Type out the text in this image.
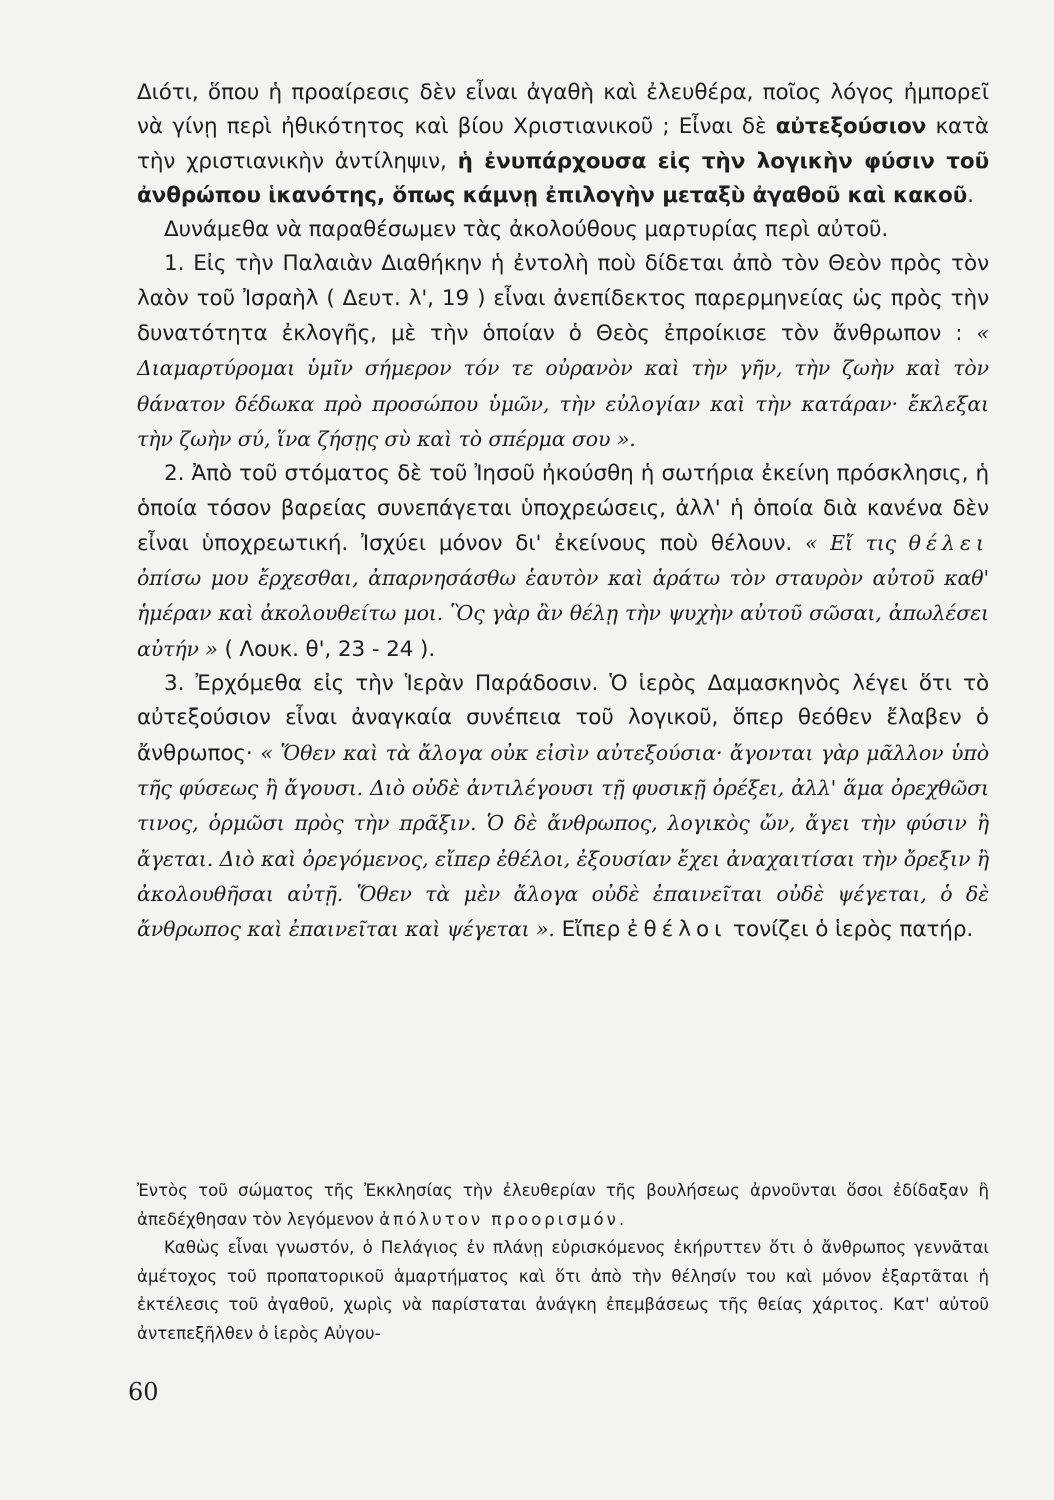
Διότι, ὅπου ἡ προαίρεσις δὲν εἶναι ἀγαθὴ καὶ ἐλευθέρα, ποῖος λόγος ἠμπορεῖ νὰ γίνῃ περὶ ἠθικότητος καὶ βίου Χριστιανικοῦ ; Εἶναι δὲ αὐτεξούσιον κατὰ τὴν χριστιανικὴν ἀντίληψιν, ἡ ἐνυπάρχουσα εἰς τὴν λογικὴν φύσιν τοῦ ἀνθρώπου ἱκανότης, ὅπως κάμνῃ ἐπιλογὴν μεταξὺ ἀγαθοῦ καὶ κακοῦ.

Δυνάμεθα νὰ παραθέσωμεν τὰς ἀκολούθους μαρτυρίας περὶ αὐτοῦ.

1. Εἰς τὴν Παλαιὰν Διαθήκην ἡ ἐντολὴ ποὺ δίδεται ἀπὸ τὸν Θεὸν πρὸς τὸν λαὸν τοῦ Ἰσραὴλ ( Δευτ. λ', 19 ) εἶναι ἀνεπίδεκτος παρερμηνείας ὡς πρὸς τὴν δυνατότητα ἐκλογῆς, μὲ τὴν ὁποίαν ὁ Θεὸς ἐπροίκισε τὸν ἄνθρωπον : « Διαμαρτύρομαι ὑμῖν σήμερον τόν τε οὐρανὸν καὶ τὴν γῆν, τὴν ζωὴν καὶ τὸν θάνατον δέδωκα πρὸ προσώπου ὑμῶν, τὴν εὐλογίαν καὶ τὴν κατάραν· ἔκλεξαι τὴν ζωὴν σύ, ἵνα ζήσῃς σὺ καὶ τὸ σπέρμα σου ».

2. Ἀπὸ τοῦ στόματος δὲ τοῦ Ἰησοῦ ἠκούσθη ἡ σωτήρια ἐκείνη πρόσκλησις, ἡ ὁποία τόσον βαρείας συνεπάγεται ὑποχρεώσεις, ἀλλ' ἡ ὁποία διὰ κανένα δὲν εἶναι ὑποχρεωτική. Ἰσχύει μόνον δι' ἐκείνους ποὺ θέλουν. « Εἴ τις θέλει ὀπίσω μου ἔρχεσθαι, ἀπαρνησάσθω ἑαυτὸν καὶ ἀράτω τὸν σταυρὸν αὐτοῦ καθ' ἡμέραν καὶ ἀκολουθείτω μοι. Ὃς γὰρ ἂν θέλῃ τὴν ψυχὴν αὐτοῦ σῶσαι, ἀπωλέσει αὐτήν » ( Λουκ. θ', 23 - 24 ).

3. Ἐρχόμεθα εἰς τὴν Ἱερὰν Παράδοσιν. Ὁ ἱερὸς Δαμασκηνὸς λέγει ὅτι τὸ αὐτεξούσιον εἶναι ἀναγκαία συνέπεια τοῦ λογικοῦ, ὅπερ θεόθεν ἔλαβεν ὁ ἄνθρωπος· « Ὅθεν καὶ τὰ ἄλογα οὐκ εἰσὶν αὐτεξούσια· ἄγονται γὰρ μᾶλλον ὑπὸ τῆς φύσεως ἢ ἄγουσι. Διὸ οὐδὲ ἀντιλέγουσι τῇ φυσικῇ ὀρέξει, ἀλλ' ἅμα ὀρεχθῶσι τινος, ὁρμῶσι πρὸς τὴν πρᾶξιν. Ὁ δὲ ἄνθρωπος, λογικὸς ὤν, ἄγει τὴν φύσιν ἢ ἄγεται. Διὸ καὶ ὀρεγόμενος, εἴπερ ἐθέλοι, ἐξουσίαν ἔχει ἀναχαιτίσαι τὴν ὄρεξιν ἢ ἀκολουθῆσαι αὐτῇ. Ὅθεν τὰ μὲν ἄλογα οὐδὲ ἐπαινεῖται οὐδὲ ψέγεται, ὁ δὲ ἄνθρωπος καὶ ἐπαινεῖται καὶ ψέγεται ». Εἴπερ ἐθέλοι τονίζει ὁ ἱερὸς πατήρ.

Ἐντὸς τοῦ σώματος τῆς Ἐκκλησίας τὴν ἐλευθερίαν τῆς βουλήσεως ἀρνοῦνται ὅσοι ἐδίδαξαν ἢ ἀπεδέχθησαν τὸν λεγόμενον ἀπόλυτον προορισμόν.

Καθὼς εἶναι γνωστόν, ὁ Πελάγιος ἐν πλάνῃ εὑρισκόμενος ἐκήρυττεν ὅτι ὁ ἄνθρωπος γεννᾶται ἀμέτοχος τοῦ προπατορικοῦ ἁμαρτήματος καὶ ὅτι ἀπὸ τὴν θέλησίν του καὶ μόνον ἐξαρτᾶται ἡ ἐκτέλεσις τοῦ ἀγαθοῦ, χωρὶς νὰ παρίσταται ἀνάγκη ἐπεμβάσεως τῆς θείας χάριτος. Κατ' αὐτοῦ ἀντεπεξῆλθεν ὁ ἱερὸς Αὐγου-

60
